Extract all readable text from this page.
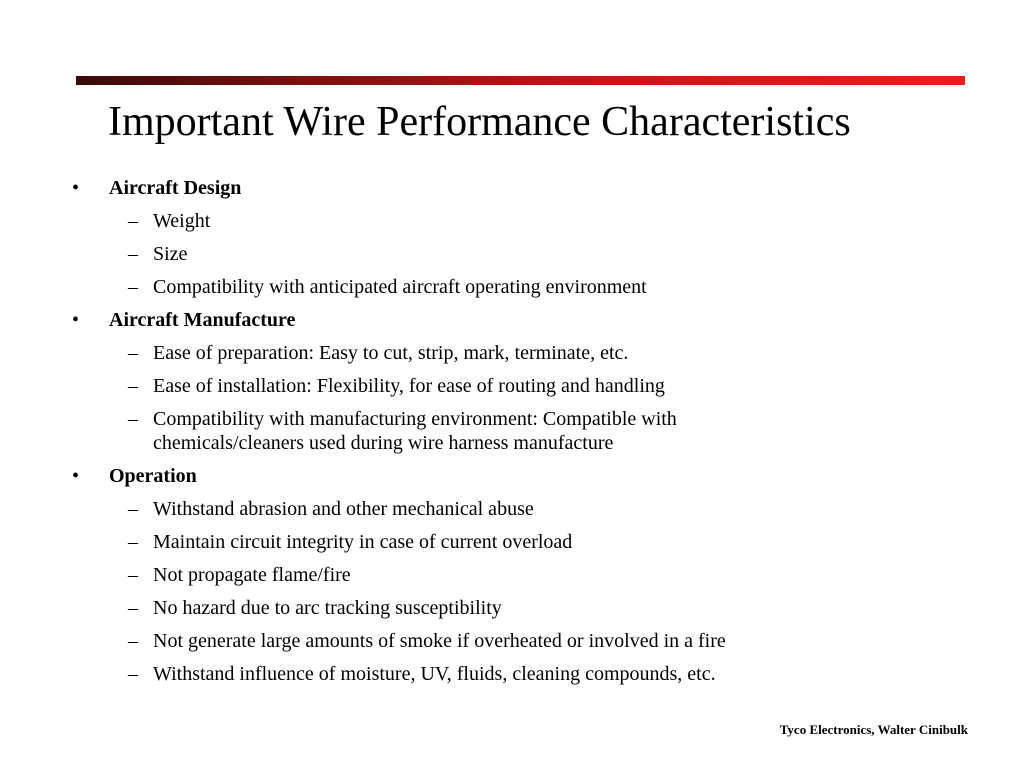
Important Wire Performance Characteristics
• Aircraft Design
– Weight
– Size
– Compatibility with anticipated aircraft operating environment
• Aircraft Manufacture
– Ease of preparation: Easy to cut, strip, mark, terminate, etc.
– Ease of installation: Flexibility, for ease of routing and handling
– Compatibility with manufacturing environment: Compatible with chemicals/cleaners used during wire harness manufacture
• Operation
– Withstand abrasion and other mechanical abuse
– Maintain circuit integrity in case of current overload
– Not propagate flame/fire
– No hazard due to arc tracking susceptibility
– Not generate large amounts of smoke if overheated or involved in a fire
– Withstand influence of moisture, UV, fluids, cleaning compounds, etc.
Tyco Electronics, Walter Cinibulk
